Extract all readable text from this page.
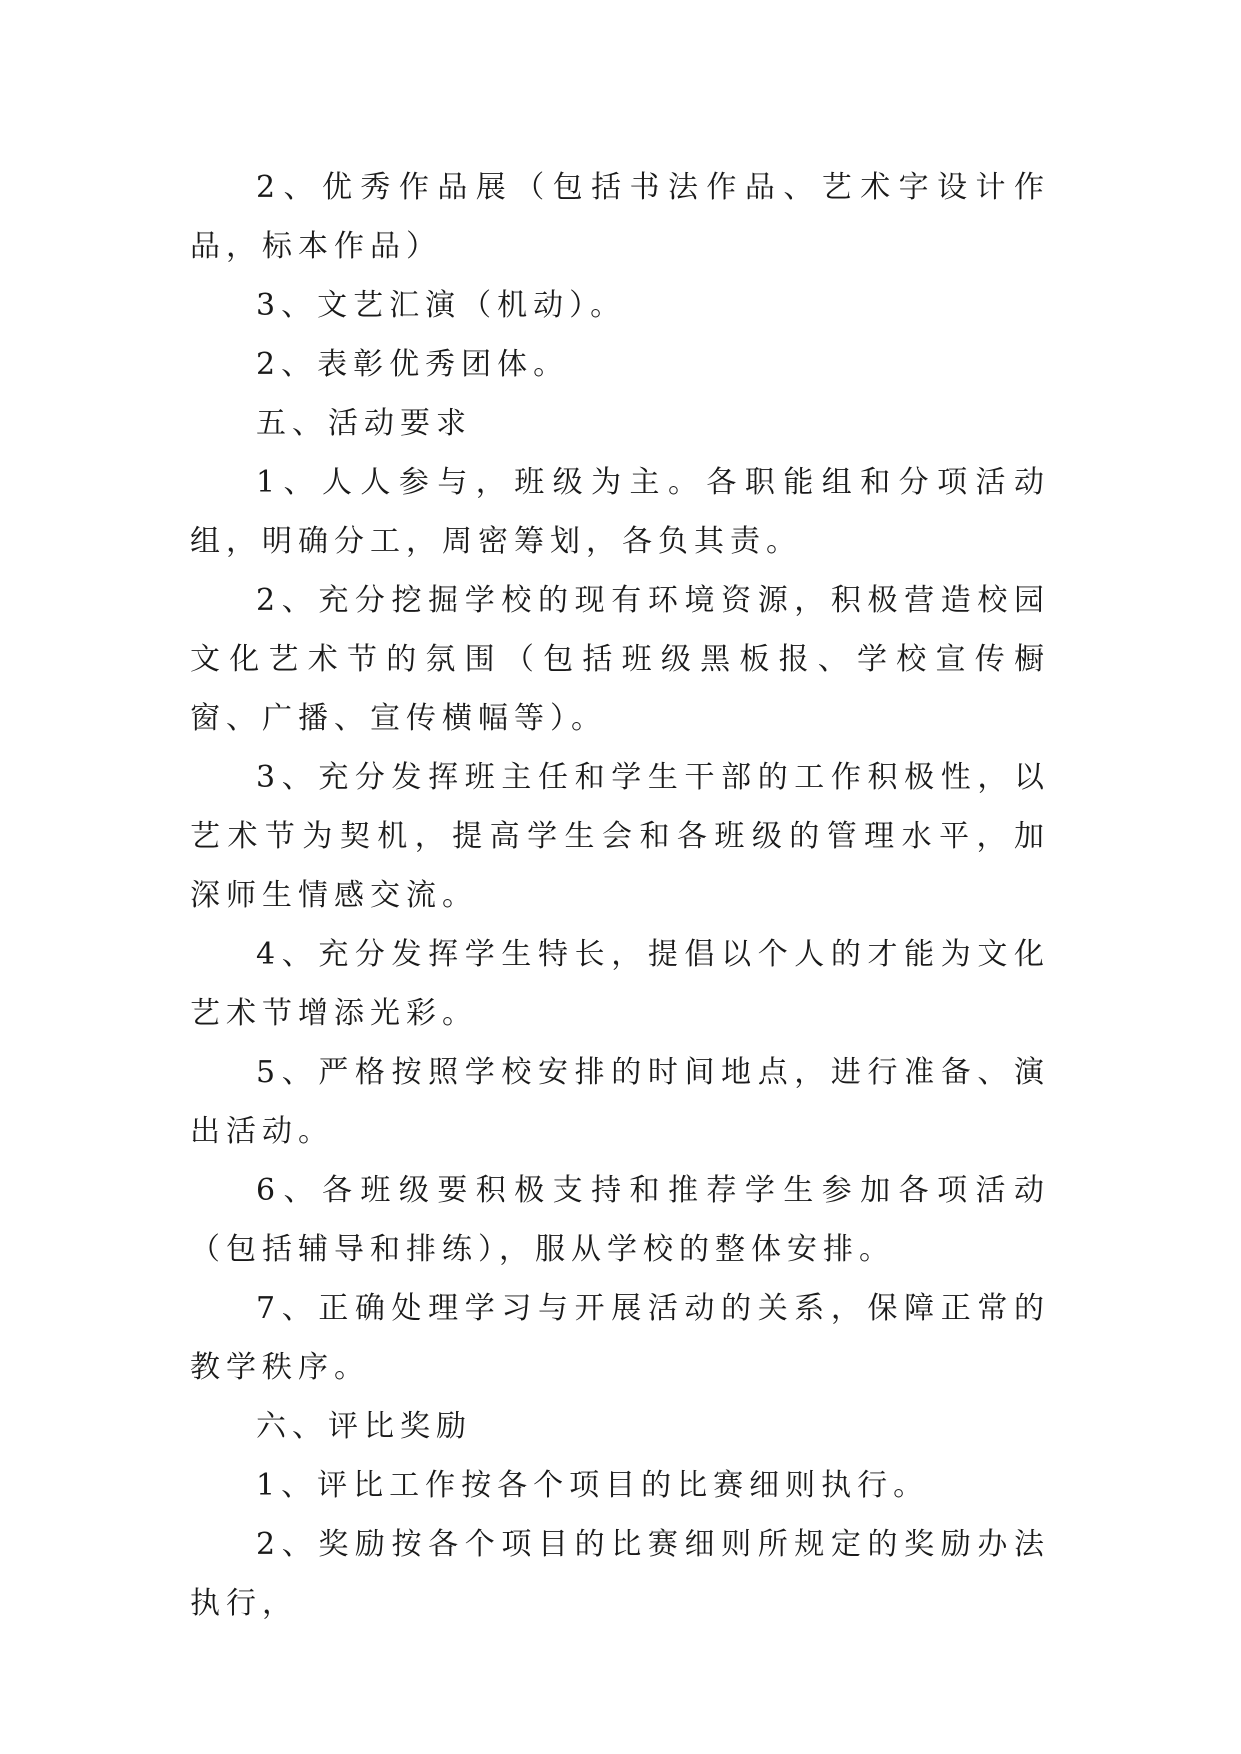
2、优秀作品展（包括书法作品、艺术字设计作品，标本作品）

3、文艺汇演（机动）。

2、表彰优秀团体。

五、活动要求

1、人人参与，班级为主。各职能组和分项活动组，明确分工，周密筹划，各负其责。

2、充分挖掘学校的现有环境资源，积极营造校园文化艺术节的氛围（包括班级黑板报、学校宣传橱窗、广播、宣传横幅等）。

3、充分发挥班主任和学生干部的工作积极性，以艺术节为契机，提高学生会和各班级的管理水平，加深师生情感交流。

4、充分发挥学生特长，提倡以个人的才能为文化艺术节增添光彩。

5、严格按照学校安排的时间地点，进行准备、演出活动。

6、各班级要积极支持和推荐学生参加各项活动（包括辅导和排练），服从学校的整体安排。

7、正确处理学习与开展活动的关系，保障正常的教学秩序。

六、评比奖励

1、评比工作按各个项目的比赛细则执行。

2、奖励按各个项目的比赛细则所规定的奖励办法执行，
